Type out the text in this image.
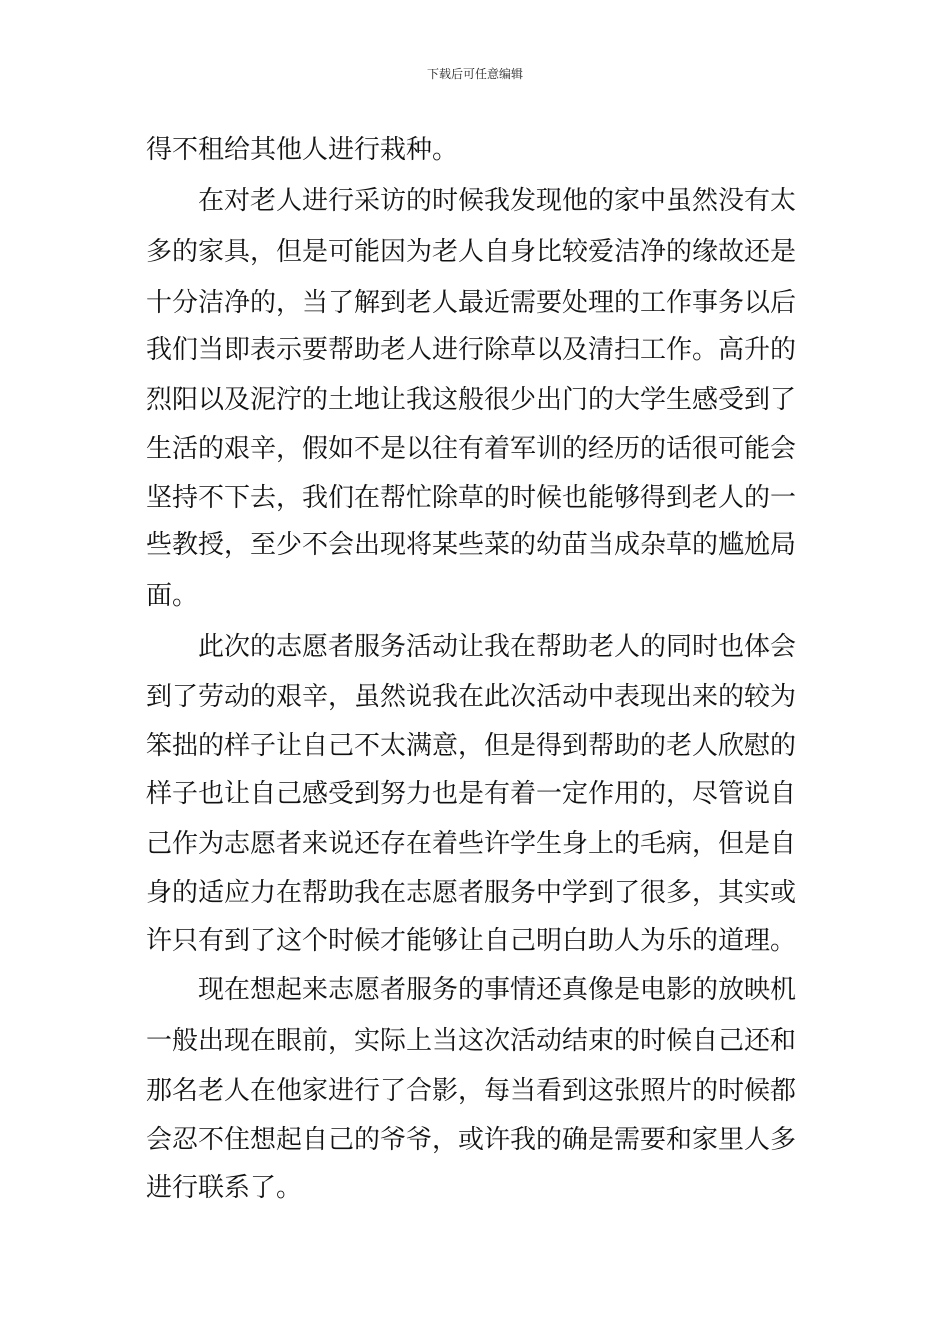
下载后可任意编辑
得不租给其他人进行栽种。
在对老人进行采访的时候我发现他的家中虽然没有太
多的家具，但是可能因为老人自身比较爱洁净的缘故还是
十分洁净的，当了解到老人最近需要处理的工作事务以后
我们当即表示要帮助老人进行除草以及清扫工作。高升的
烈阳以及泥泞的土地让我这般很少出门的大学生感受到了
生活的艰辛，假如不是以往有着军训的经历的话很可能会
坚持不下去，我们在帮忙除草的时候也能够得到老人的一
些教授，至少不会出现将某些菜的幼苗当成杂草的尴尬局
面。
此次的志愿者服务活动让我在帮助老人的同时也体会
到了劳动的艰辛，虽然说我在此次活动中表现出来的较为
笨拙的样子让自己不太满意，但是得到帮助的老人欣慰的
样子也让自己感受到努力也是有着一定作用的，尽管说自
己作为志愿者来说还存在着些许学生身上的毛病，但是自
身的适应力在帮助我在志愿者服务中学到了很多，其实或
许只有到了这个时候才能够让自己明白助人为乐的道理。
现在想起来志愿者服务的事情还真像是电影的放映机
一般出现在眼前，实际上当这次活动结束的时候自己还和
那名老人在他家进行了合影，每当看到这张照片的时候都
会忍不住想起自己的爷爷，或许我的确是需要和家里人多
进行联系了。
